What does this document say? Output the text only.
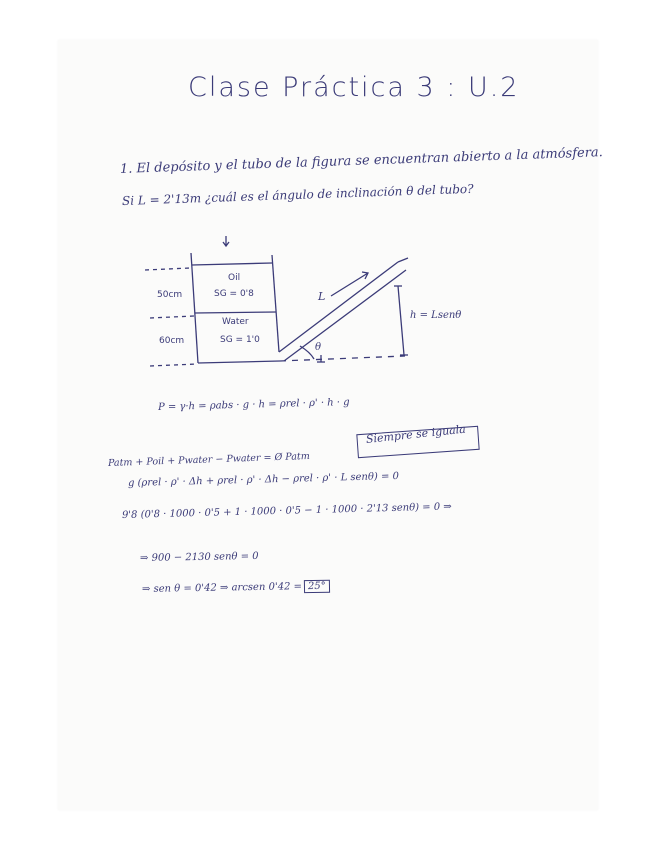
Clase Práctica 3 : U.2
1. El depósito y el tubo de la figura se encuentran abierto a la atmósfera.
Si L = 2'13m ¿cuál es el ángulo de inclinación θ del tubo?
Oil
SG = 0'8
Water
SG = 1'0
50cm
60cm
L
θ
h = Lsenθ
P = γ·h = ρabs · g · h = ρrel · ρ' · h · g
Siempre se iguala
Patm + Poil + Pwater − Pwater = Ø Patm
g (ρrel · ρ' · Δh + ρrel · ρ' · Δh − ρrel · ρ' · L senθ) = 0
9'8 (0'8 · 1000 · 0'5 + 1 · 1000 · 0'5 − 1 · 1000 · 2'13 senθ) = 0 ⇒
⇒ 900 − 2130 senθ = 0
⇒ sen θ = 0'42 ⇒ arcsen 0'42 = 25°
